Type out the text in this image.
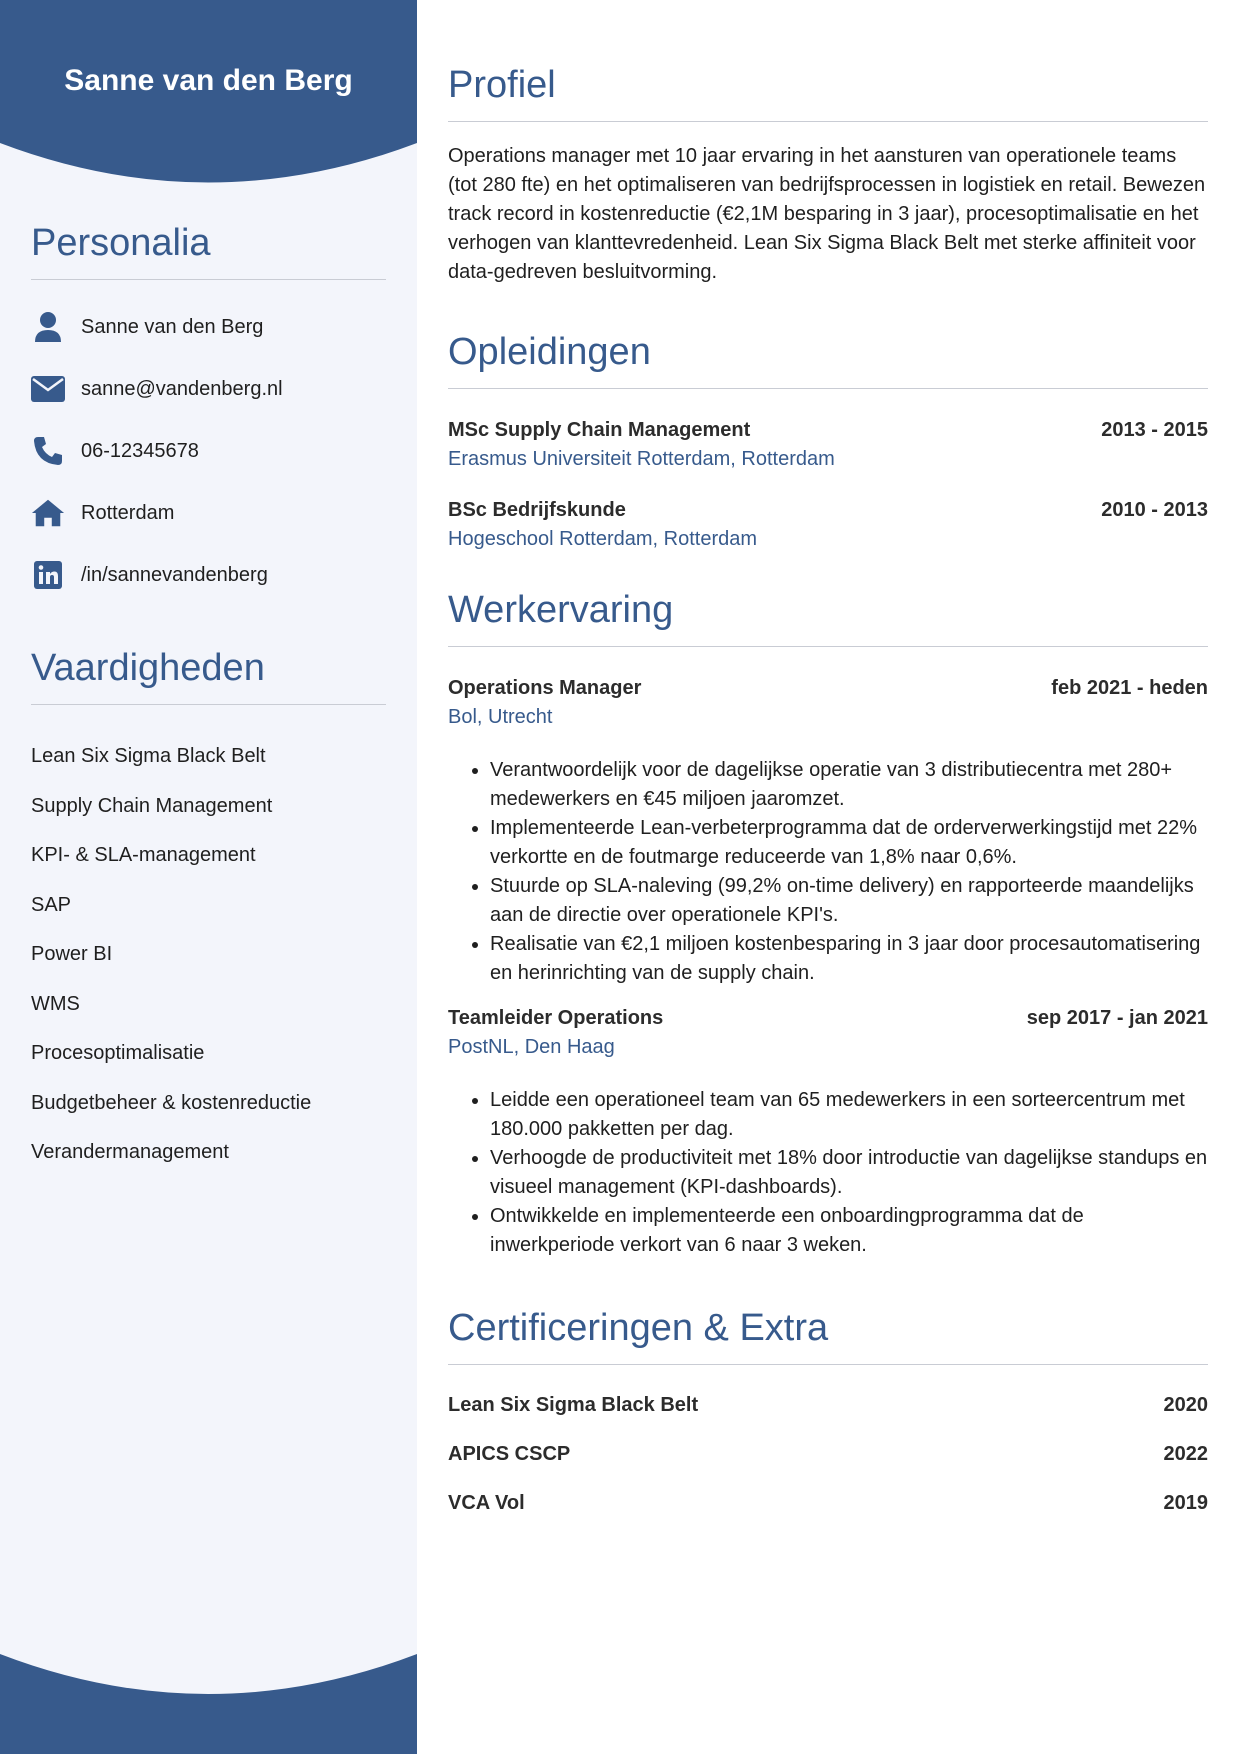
Sanne van den Berg
Personalia
Sanne van den Berg
sanne@vandenberg.nl
06-12345678
Rotterdam
/in/sannevandenberg
Vaardigheden
Lean Six Sigma Black Belt
Supply Chain Management
KPI- & SLA-management
SAP
Power BI
WMS
Procesoptimalisatie
Budgetbeheer & kostenreductie
Verandermanagement
Profiel

Operations manager met 10 jaar ervaring in het aansturen van operationele teams (tot 280 fte) en het optimaliseren van bedrijfsprocessen in logistiek en retail. Bewezen track record in kostenreductie (€2,1M besparing in 3 jaar), procesoptimalisatie en het verhogen van klanttevredenheid. Lean Six Sigma Black Belt met sterke affiniteit voor data-gedreven besluitvorming.

Opleidingen
MSc Supply Chain Management	2013 - 2015
Erasmus Universiteit Rotterdam, Rotterdam
BSc Bedrijfskunde	2010 - 2013
Hogeschool Rotterdam, Rotterdam
Werkervaring
Operations Manager	feb 2021 - heden
Bol, Utrecht
• Verantwoordelijk voor de dagelijkse operatie van 3 distributiecentra met 280+ medewerkers en €45 miljoen jaaromzet.
• Implementeerde Lean-verbeterprogramma dat de orderverwerkingstijd met 22% verkortte en de foutmarge reduceerde van 1,8% naar 0,6%.
• Stuurde op SLA-naleving (99,2% on-time delivery) en rapporteerde maandelijks aan de directie over operationele KPI's.
• Realisatie van €2,1 miljoen kostenbesparing in 3 jaar door procesautomatisering en herinrichting van de supply chain.
Teamleider Operations	sep 2017 - jan 2021
PostNL, Den Haag
• Leidde een operationeel team van 65 medewerkers in een sorteercentrum met 180.000 pakketten per dag.
• Verhoogde de productiviteit met 18% door introductie van dagelijkse standups en visueel management (KPI-dashboards).
• Ontwikkelde en implementeerde een onboardingprogramma dat de inwerkperiode verkort van 6 naar 3 weken.
Certificeringen & Extra
Lean Six Sigma Black Belt	2020
APICS CSCP	2022
VCA Vol	2019
